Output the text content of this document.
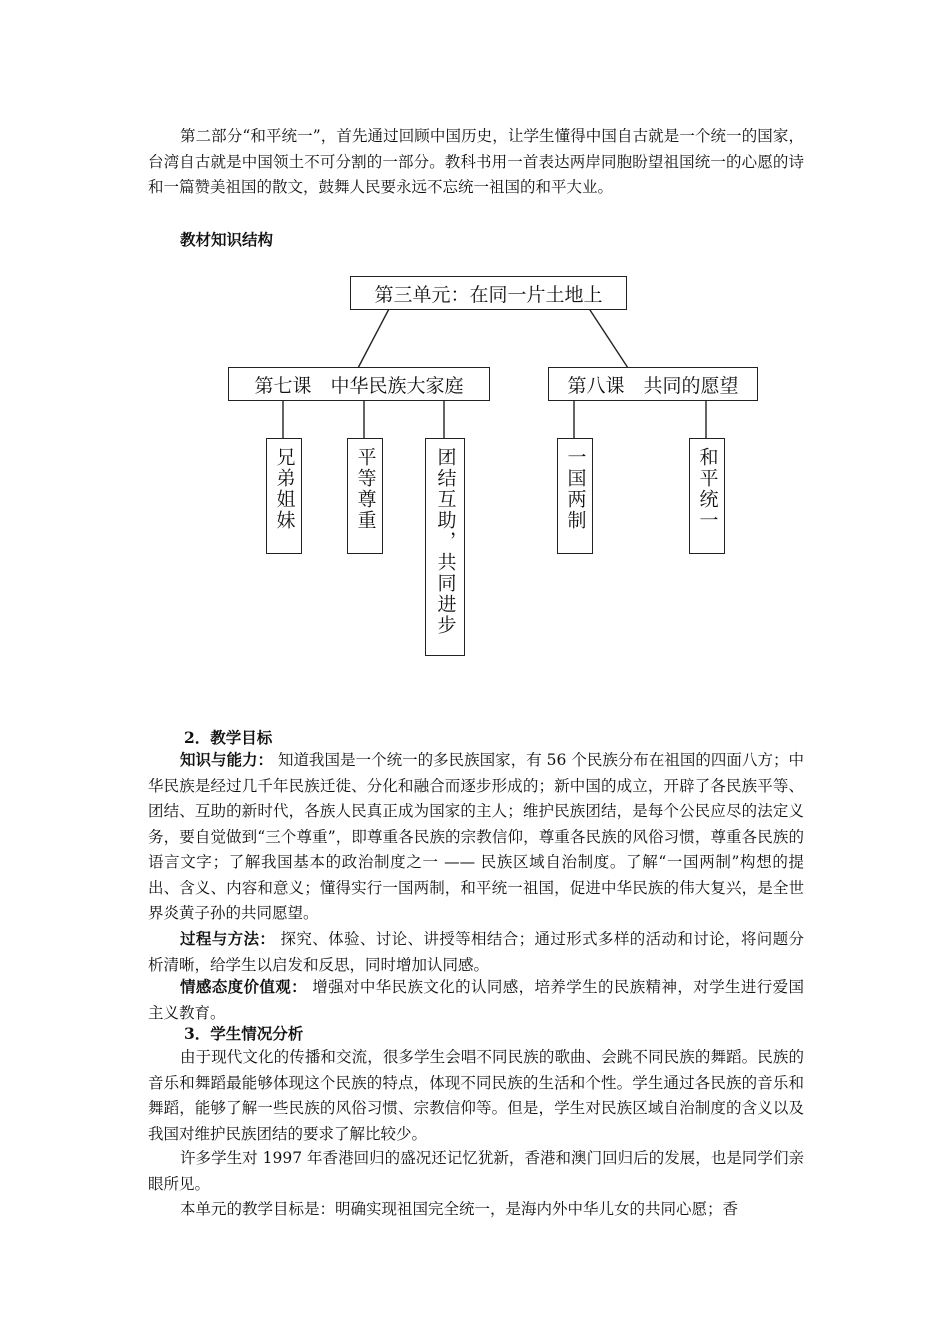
第二部分“和平统一”，首先通过回顾中国历史，让学生懂得中国自古就是一个统一的国家，台湾自古就是中国领土不可分割的一部分。教科书用一首表达两岸同胞盼望祖国统一的心愿的诗和一篇赞美祖国的散文，鼓舞人民要永远不忘统一祖国的和平大业。

教材知识结构

第三单元：在同一片土地上
第七课　中华民族大家庭	第八课　共同的愿望
兄弟姐妹	平等尊重	团结互助，共同进步	一国两制	和平统一

2．教学目标

知识与能力： 知道我国是一个统一的多民族国家，有 56 个民族分布在祖国的四面八方；中华民族是经过几千年民族迁徙、分化和融合而逐步形成的；新中国的成立，开辟了各民族平等、团结、互助的新时代，各族人民真正成为国家的主人；维护民族团结，是每个公民应尽的法定义务，要自觉做到“三个尊重”，即尊重各民族的宗教信仰，尊重各民族的风俗习惯，尊重各民族的语言文字；了解我国基本的政治制度之一 —— 民族区域自治制度。了解“一国两制”构想的提出、含义、内容和意义；懂得实行一国两制，和平统一祖国，促进中华民族的伟大复兴，是全世界炎黄子孙的共同愿望。

过程与方法： 探究、体验、讨论、讲授等相结合；通过形式多样的活动和讨论，将问题分析清晰，给学生以启发和反思，同时增加认同感。

情感态度价值观： 增强对中华民族文化的认同感，培养学生的民族精神，对学生进行爱国主义教育。

3．学生情况分析

由于现代文化的传播和交流，很多学生会唱不同民族的歌曲、会跳不同民族的舞蹈。民族的音乐和舞蹈最能够体现这个民族的特点，体现不同民族的生活和个性。学生通过各民族的音乐和舞蹈，能够了解一些民族的风俗习惯、宗教信仰等。但是，学生对民族区域自治制度的含义以及我国对维护民族团结的要求了解比较少。

许多学生对 1997 年香港回归的盛况还记忆犹新，香港和澳门回归后的发展，也是同学们亲眼所见。

本单元的教学目标是：明确实现祖国完全统一，是海内外中华儿女的共同心愿；香
